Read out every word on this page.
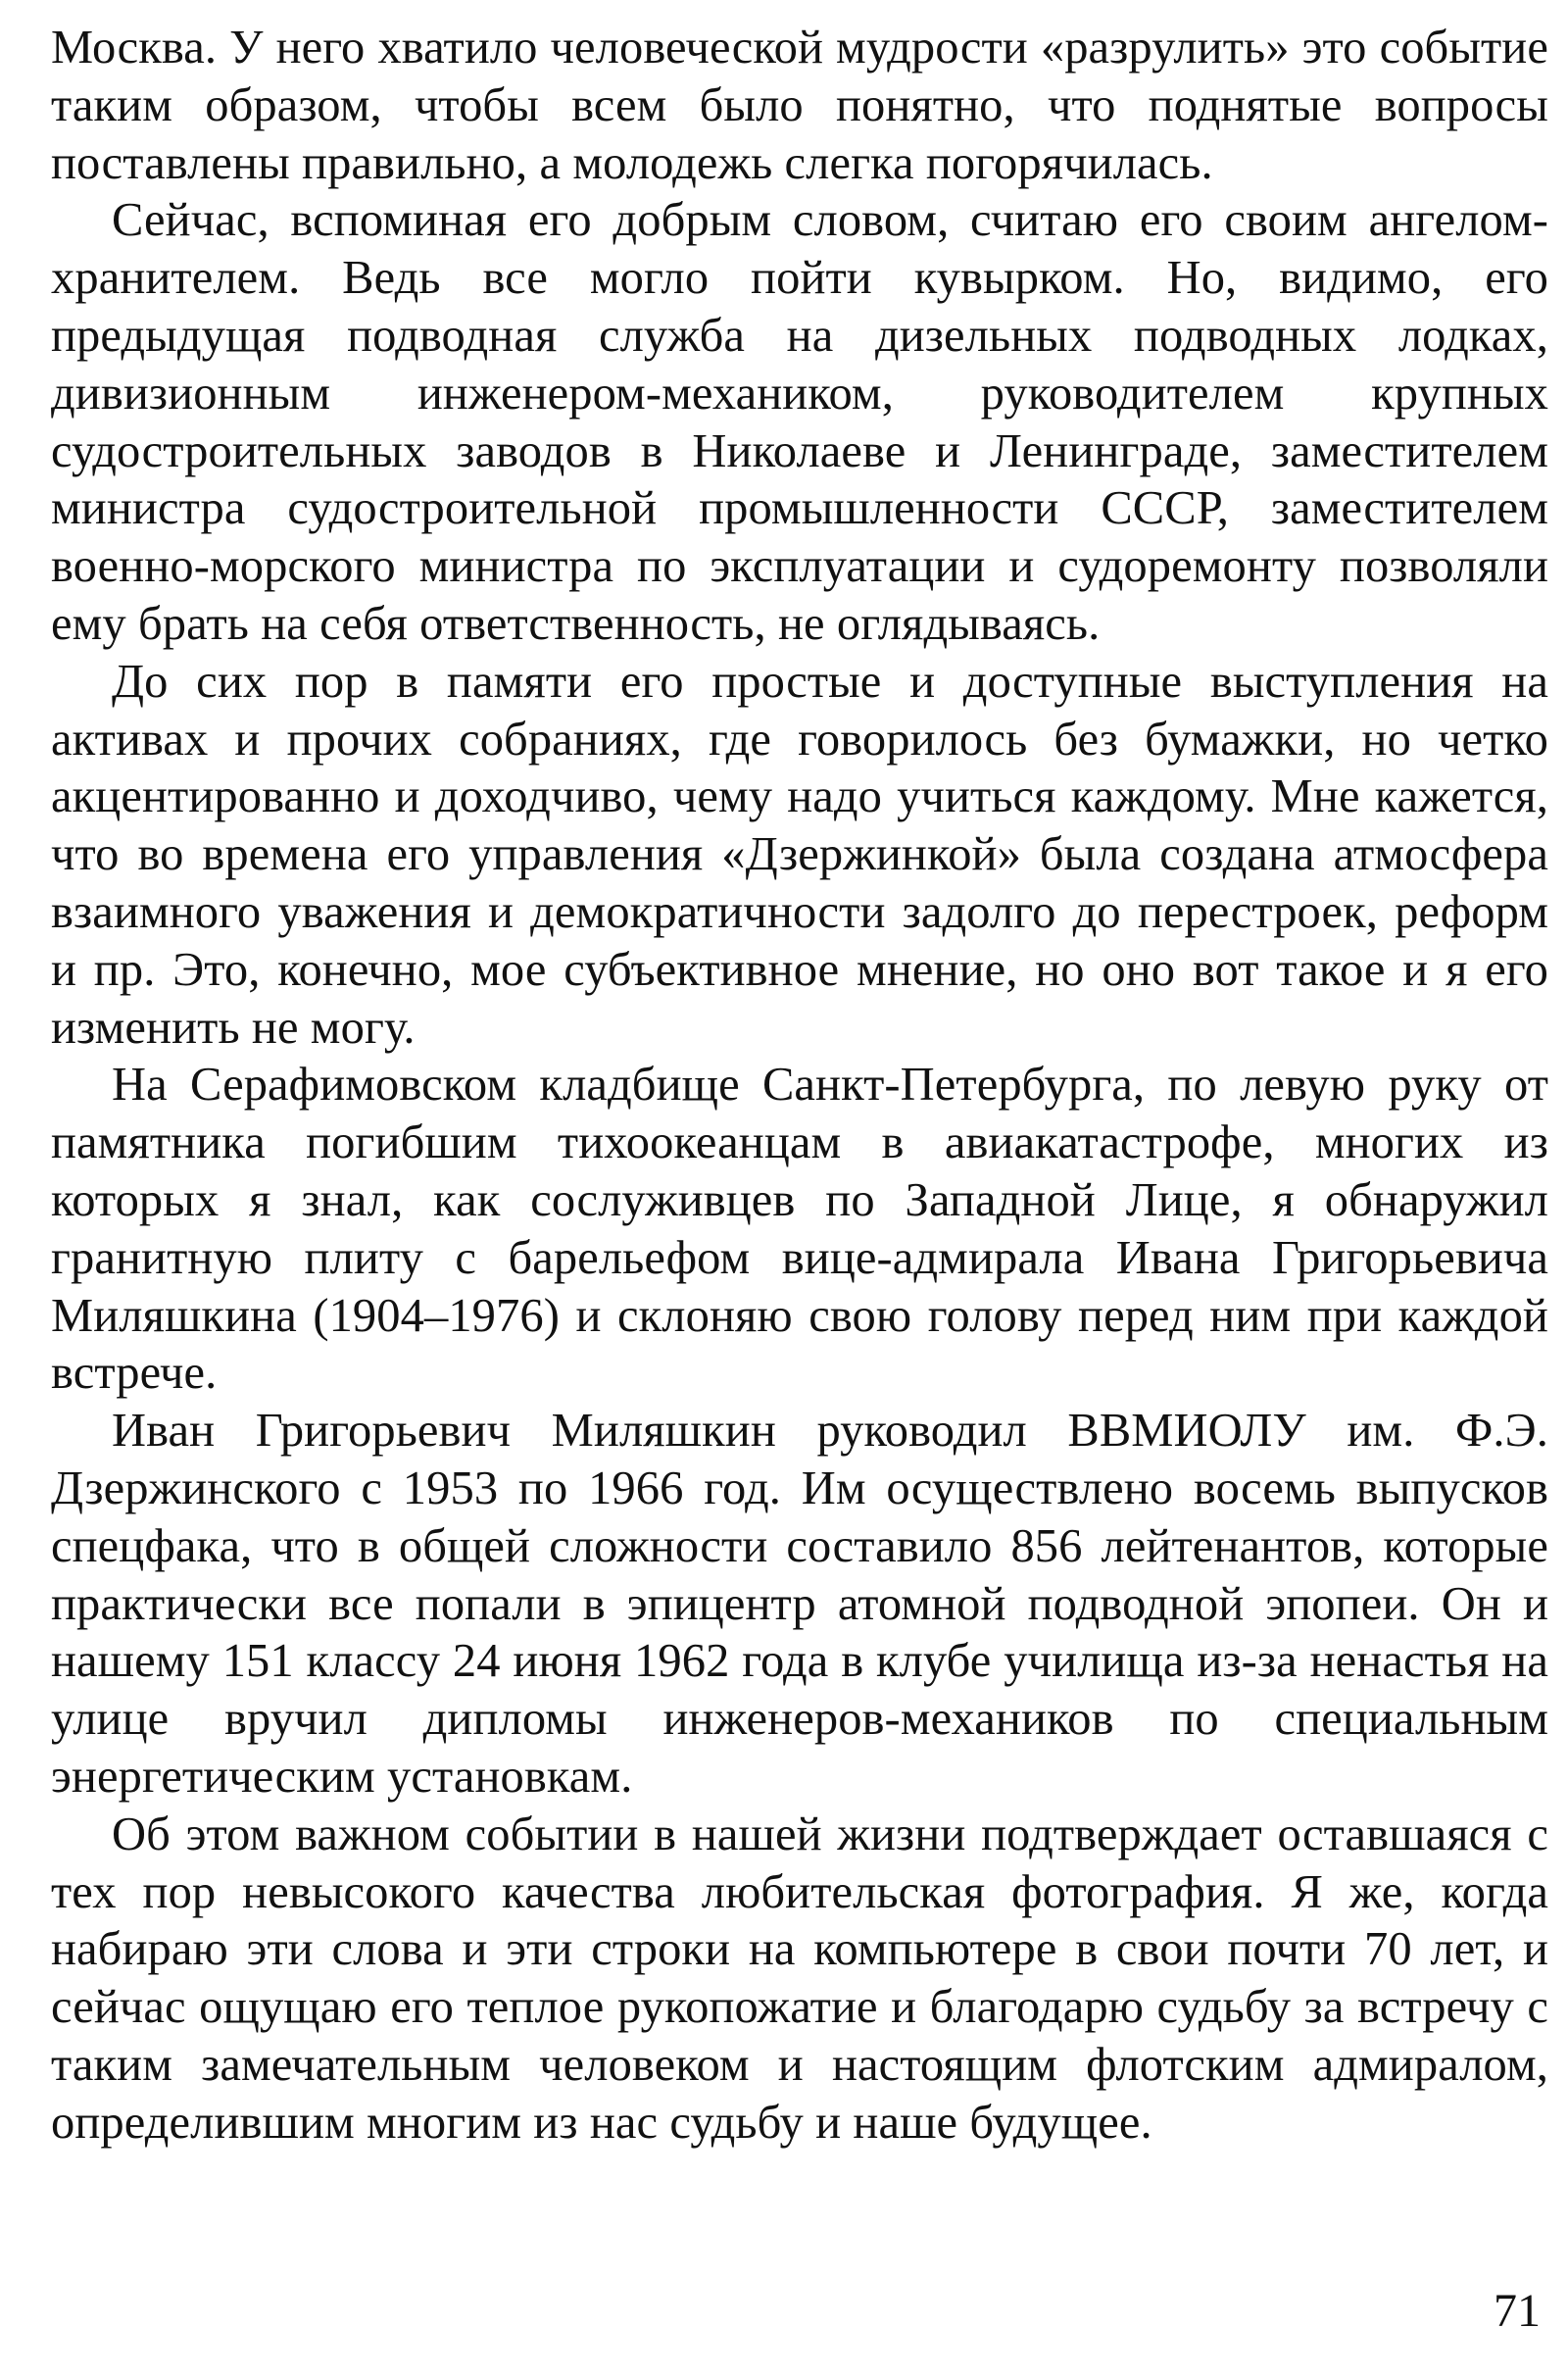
Москва. У него хватило человеческой мудрости «разрулить» это событие таким образом, чтобы всем было понятно, что поднятые вопросы поставлены правильно, а молодежь слегка погорячилась.

Сейчас, вспоминая его добрым словом, считаю его своим ангелом-хранителем. Ведь все могло пойти кувырком. Но, видимо, его предыдущая подводная служба на дизельных подводных лодках, дивизионным инженером-механиком, руководителем крупных судостроительных заводов в Николаеве и Ленинграде, заместителем министра судостроительной промышленности СССР, заместителем военно-морского министра по эксплуатации и судоремонту позволяли ему брать на себя ответственность, не оглядываясь.

До сих пор в памяти его простые и доступные выступления на активах и прочих собраниях, где говорилось без бумажки, но четко акцентированно и доходчиво, чему надо учиться каждому. Мне кажется, что во времена его управления «Дзержинкой» была создана атмосфера взаимного уважения и демократичности задолго до перестроек, реформ и пр. Это, конечно, мое субъективное мнение, но оно вот такое и я его изменить не могу.

На Серафимовском кладбище Санкт-Петербурга, по левую руку от памятника погибшим тихоокеанцам в авиакатастрофе, многих из которых я знал, как сослуживцев по Западной Лице, я обнаружил гранитную плиту с барельефом вице-адмирала Ивана Григорьевича Миляшкина (1904–1976) и склоняю свою голову перед ним при каждой встрече.

Иван Григорьевич Миляшкин руководил ВВМИОЛУ им. Ф.Э. Дзержинского с 1953 по 1966 год. Им осуществлено восемь выпусков спецфака, что в общей сложности составило 856 лейтенантов, которые практически все попали в эпицентр атомной подводной эпопеи. Он и нашему 151 классу 24 июня 1962 года в клубе училища из-за ненастья на улице вручил дипломы инженеров-механиков по специальным энергетическим установкам.

Об этом важном событии в нашей жизни подтверждает оставшаяся с тех пор невысокого качества любительская фотография. Я же, когда набираю эти слова и эти строки на компьютере в свои почти 70 лет, и сейчас ощущаю его теплое рукопожатие и благодарю судьбу за встречу с таким замечательным человеком и настоящим флотским адмиралом, определившим многим из нас судьбу и наше будущее.

71
